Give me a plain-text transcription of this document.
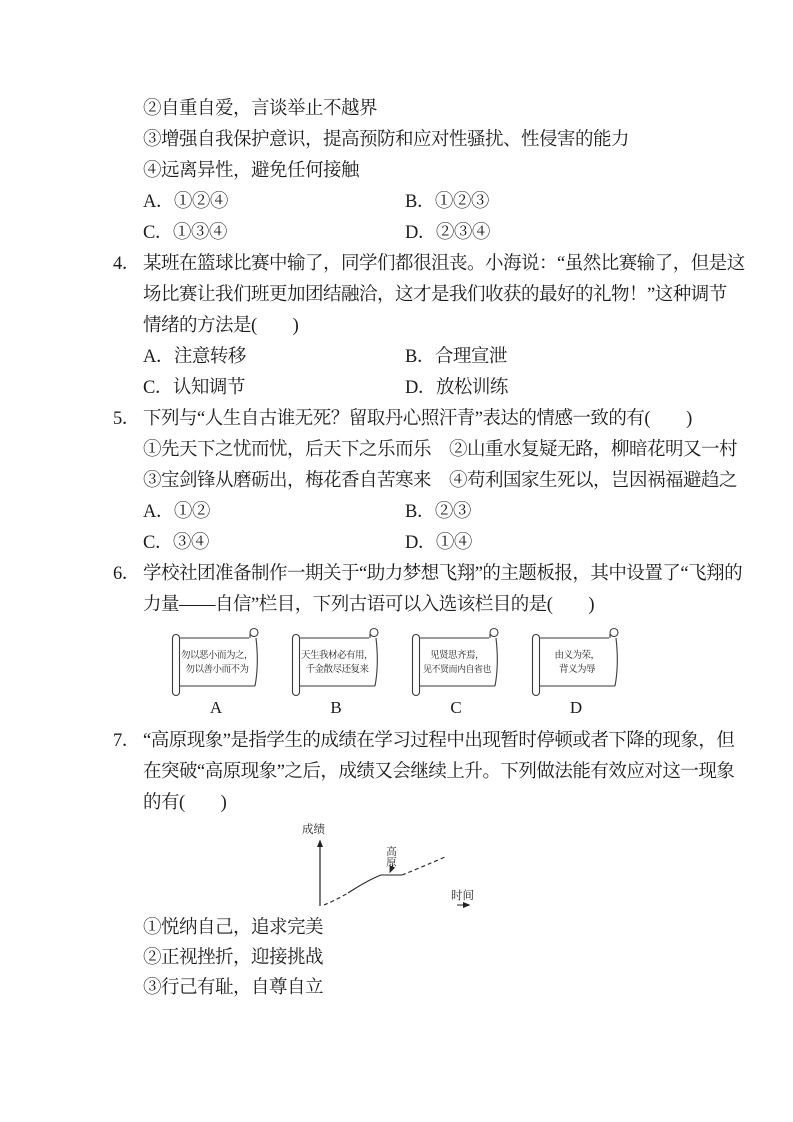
②自重自爱，言谈举止不越界
③增强自我保护意识，提高预防和应对性骚扰、性侵害的能力
④远离异性，避免任何接触
A．①②④	B．①②③
C．①③④	D．②③④
4． 某班在篮球比赛中输了，同学们都很沮丧。小海说：“虽然比赛输了，但是这
场比赛让我们班更加团结融洽，这才是我们收获的最好的礼物！”这种调节
情绪的方法是(　　)
A．注意转移	B．合理宣泄
C．认知调节	D．放松训练
5． 下列与“人生自古谁无死？留取丹心照汗青”表达的情感一致的有(　　)
①先天下之忧而忧，后天下之乐而乐　②山重水复疑无路，柳暗花明又一村
③宝剑锋从磨砺出，梅花香自苦寒来　④苟利国家生死以，岂因祸福避趋之
A．①②	B．②③
C．③④	D．①④
6． 学校社团准备制作一期关于“助力梦想飞翔”的主题板报，其中设置了“飞翔的
力量——自信”栏目，下列古语可以入选该栏目的是(　　)
勿以恶小而为之，
勿以善小而不为
A
天生我材必有用，
千金散尽还复来
B
见贤思齐焉，
见不贤而内自省也
C
由义为荣，
背义为辱
D
7． “高原现象”是指学生的成绩在学习过程中出现暂时停顿或者下降的现象，但
在突破“高原现象”之后，成绩又会继续上升。下列做法能有效应对这一现象
的有(　　)
成绩
高原
时间
①悦纳自己，追求完美
②正视挫折，迎接挑战
③行己有耻，自尊自立
